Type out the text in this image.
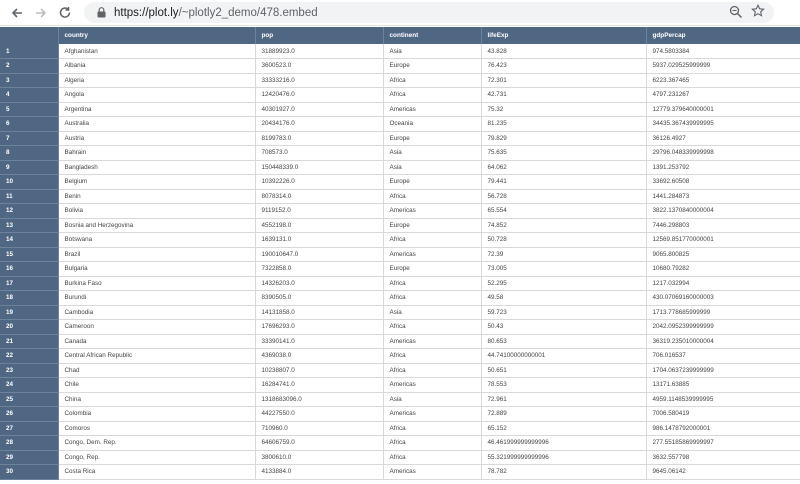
https://plot.ly/~plotly2_demo/478.embed
	country	pop	continent	lifeExp	gdpPercap
1	Afghanistan	31889923.0	Asia	43.828	974.5803384
2	Albania	3600523.0	Europe	76.423	5937.029525999999
3	Algeria	33333216.0	Africa	72.301	6223.367465
4	Angola	12420476.0	Africa	42.731	4797.231267
5	Argentina	40301927.0	Americas	75.32	12779.379640000001
6	Australia	20434176.0	Oceania	81.235	34435.367439999995
7	Austria	8199783.0	Europe	79.829	36126.4927
8	Bahrain	708573.0	Asia	75.635	29796.048339999998
9	Bangladesh	150448339.0	Asia	64.062	1391.253792
10	Belgium	10392226.0	Europe	79.441	33692.60508
11	Benin	8078314.0	Africa	56.728	1441.284873
12	Bolivia	9119152.0	Americas	65.554	3822.1370840000004
13	Bosnia and Herzegovina	4552198.0	Europe	74.852	7446.298803
14	Botswana	1639131.0	Africa	50.728	12569.851770000001
15	Brazil	190010647.0	Americas	72.39	9065.800825
16	Bulgaria	7322858.0	Europe	73.005	10680.79282
17	Burkina Faso	14326203.0	Africa	52.295	1217.032994
18	Burundi	8390505.0	Africa	49.58	430.07069160000003
19	Cambodia	14131858.0	Asia	59.723	1713.778685999999
20	Cameroon	17696293.0	Africa	50.43	2042.0952399999999
21	Canada	33390141.0	Americas	80.653	36319.235010000004
22	Central African Republic	4369038.0	Africa	44.74100000000001	706.016537
23	Chad	10238807.0	Africa	50.651	1704.0637239999999
24	Chile	16284741.0	Americas	78.553	13171.63885
25	China	1318683096.0	Asia	72.961	4959.1148539999995
26	Colombia	44227550.0	Americas	72.889	7006.580419
27	Comoros	710960.0	Africa	65.152	986.1478792000001
28	Congo, Dem. Rep.	64606759.0	Africa	46.461999999999996	277.55185869999997
29	Congo, Rep.	3800610.0	Africa	55.321999999999996	3632.557798
30	Costa Rica	4133884.0	Americas	78.782	9645.06142
